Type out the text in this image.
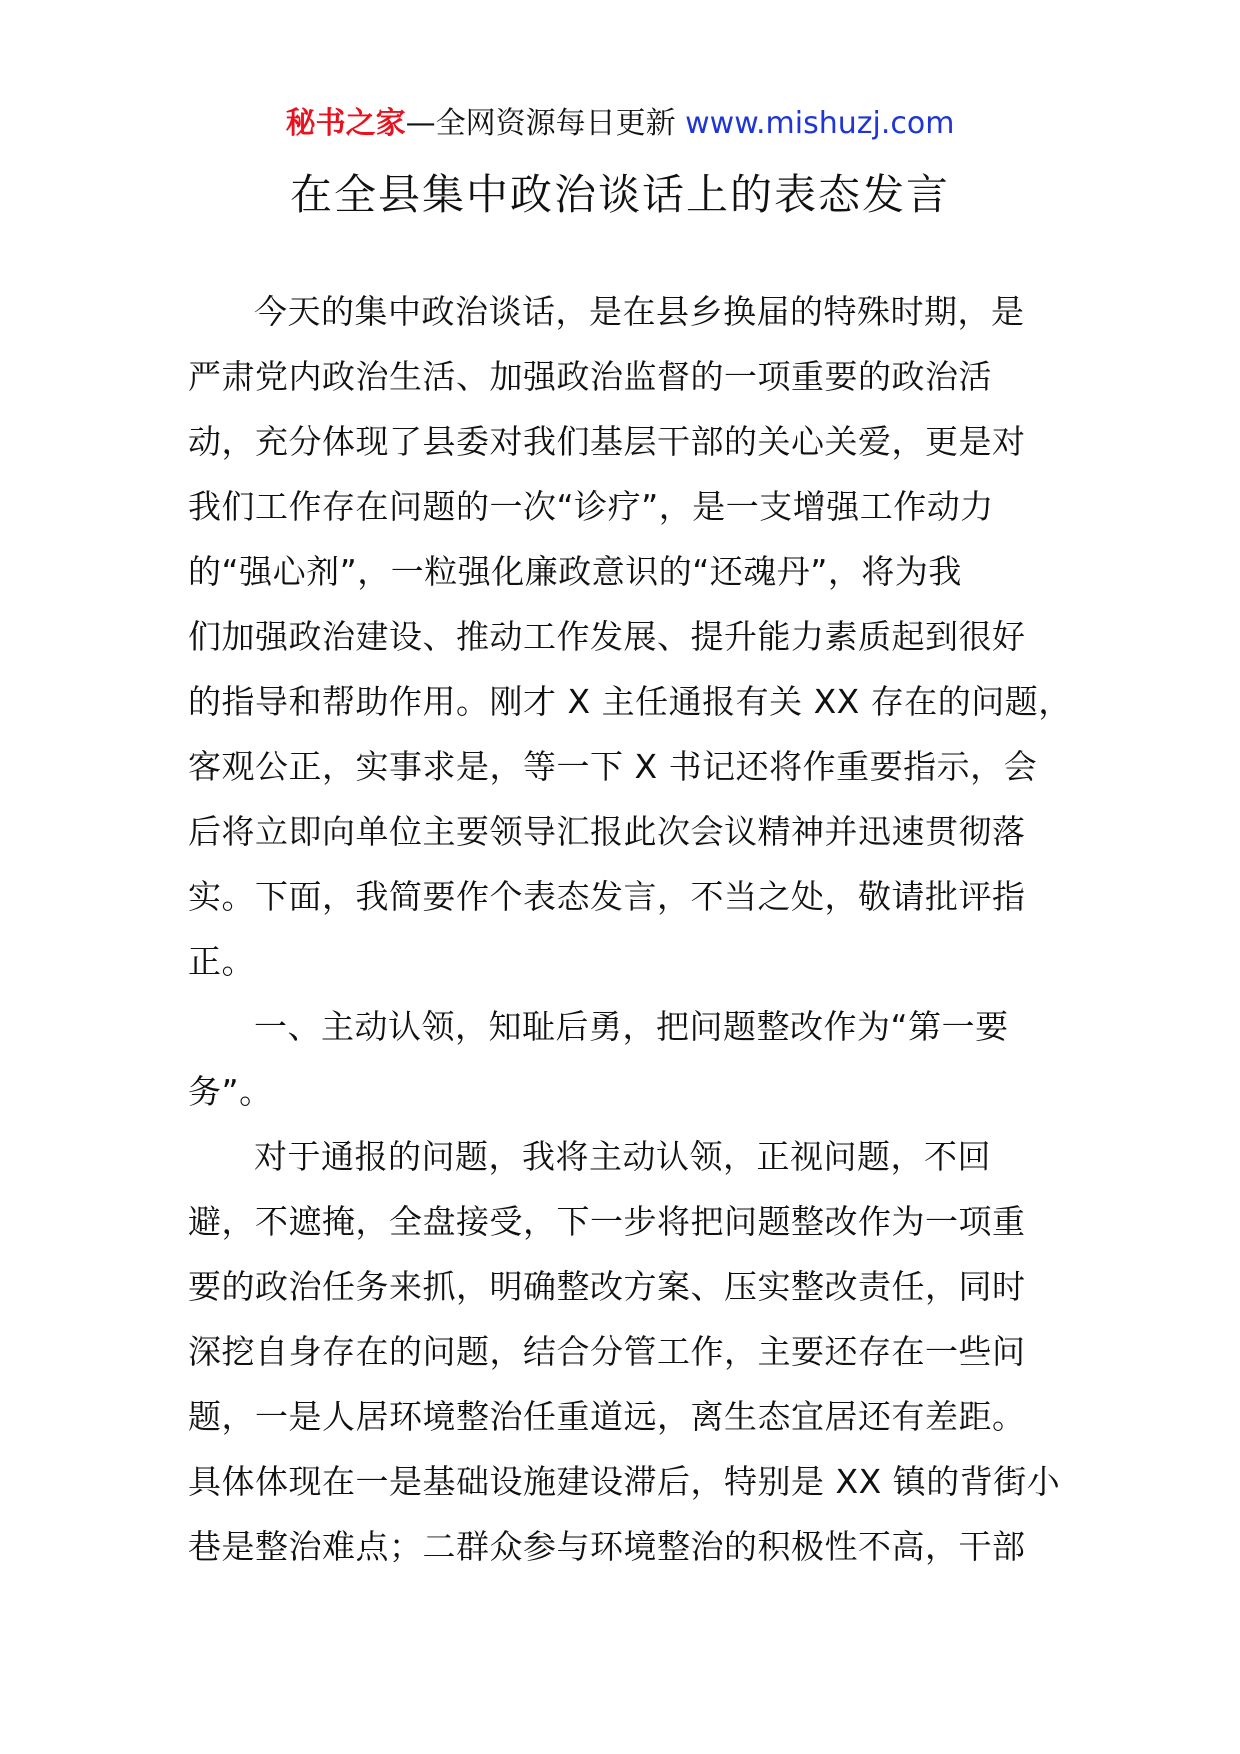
秘书之家—全网资源每日更新 www.mishuzj.com
在全县集中政治谈话上的表态发言
今天的集中政治谈话，是在县乡换届的特殊时期，是
严肃党内政治生活、加强政治监督的一项重要的政治活
动，充分体现了县委对我们基层干部的关心关爱，更是对
我们工作存在问题的一次“诊疗”，是一支增强工作动力
的“强心剂”，一粒强化廉政意识的“还魂丹”，将为我
们加强政治建设、推动工作发展、提升能力素质起到很好
的指导和帮助作用。刚才 X 主任通报有关 XX 存在的问题，
客观公正，实事求是，等一下 X 书记还将作重要指示，会
后将立即向单位主要领导汇报此次会议精神并迅速贯彻落
实。下面，我简要作个表态发言，不当之处，敬请批评指
正。
一、主动认领，知耻后勇，把问题整改作为“第一要
务”。
对于通报的问题，我将主动认领，正视问题，不回
避，不遮掩，全盘接受，下一步将把问题整改作为一项重
要的政治任务来抓，明确整改方案、压实整改责任，同时
深挖自身存在的问题，结合分管工作，主要还存在一些问
题，一是人居环境整治任重道远，离生态宜居还有差距。
具体体现在一是基础设施建设滞后，特别是 XX 镇的背街小
巷是整治难点；二群众参与环境整治的积极性不高，干部
